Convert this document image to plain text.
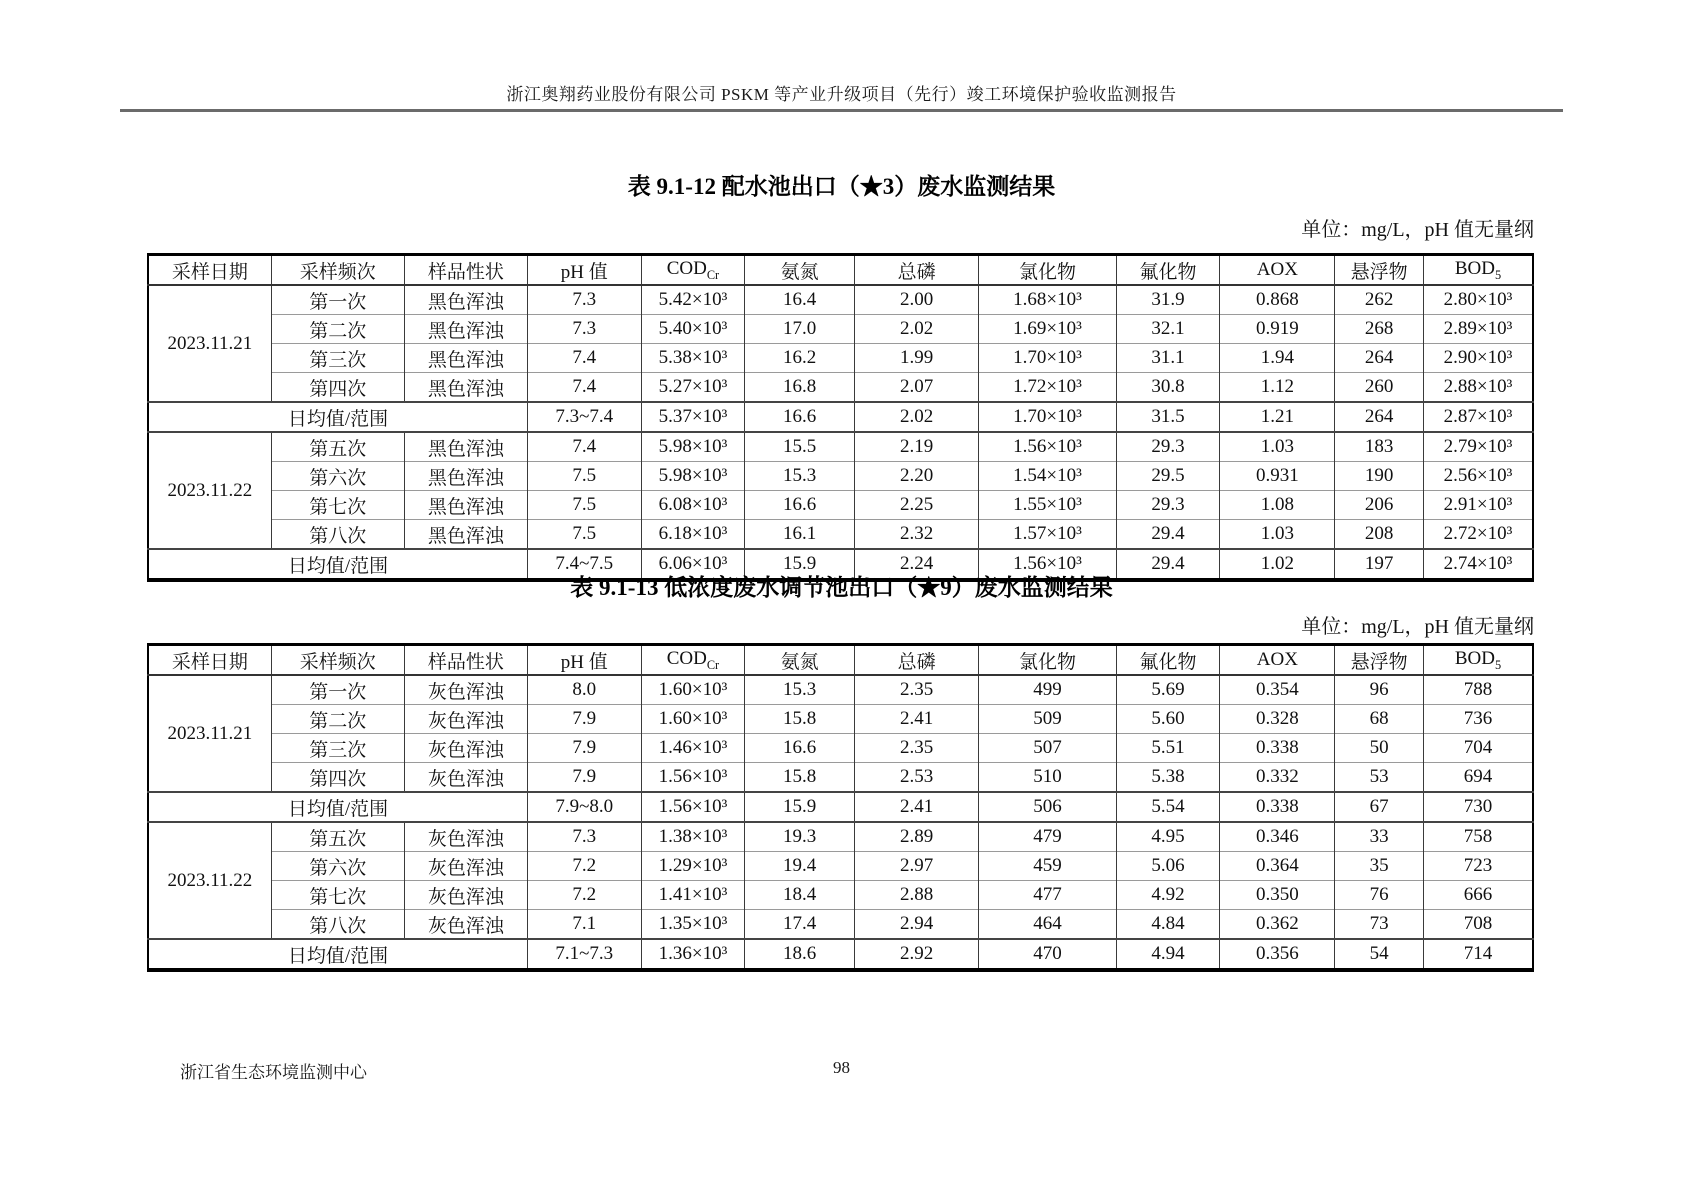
浙江奥翔药业股份有限公司 PSKM 等产业升级项目（先行）竣工环境保护验收监测报告
表 9.1-12 配水池出口（★3）废水监测结果
单位：mg/L，pH 值无量纲
采样日期	采样频次	样品性状	pH 值	$COD_{Cr}$	氨氮	总磷	氯化物	氟化物	AOX	悬浮物	$BOD_5$
2023.11.21	第一次	黑色浑浊	7.3	5.42×10³	16.4	2.00	1.68×10³	31.9	0.868	262	2.80×10³
	第二次	黑色浑浊	7.3	5.40×10³	17.0	2.02	1.69×10³	32.1	0.919	268	2.89×10³
	第三次	黑色浑浊	7.4	5.38×10³	16.2	1.99	1.70×10³	31.1	1.94	264	2.90×10³
	第四次	黑色浑浊	7.4	5.27×10³	16.8	2.07	1.72×10³	30.8	1.12	260	2.88×10³
日均值/范围			7.3~7.4	5.37×10³	16.6	2.02	1.70×10³	31.5	1.21	264	2.87×10³
2023.11.22	第五次	黑色浑浊	7.4	5.98×10³	15.5	2.19	1.56×10³	29.3	1.03	183	2.79×10³
	第六次	黑色浑浊	7.5	5.98×10³	15.3	2.20	1.54×10³	29.5	0.931	190	2.56×10³
	第七次	黑色浑浊	7.5	6.08×10³	16.6	2.25	1.55×10³	29.3	1.08	206	2.91×10³
	第八次	黑色浑浊	7.5	6.18×10³	16.1	2.32	1.57×10³	29.4	1.03	208	2.72×10³
日均值/范围			7.4~7.5	6.06×10³	15.9	2.24	1.56×10³	29.4	1.02	197	2.74×10³
表 9.1-13 低浓度废水调节池出口（★9）废水监测结果
单位：mg/L，pH 值无量纲
采样日期	采样频次	样品性状	pH 值	$COD_{Cr}$	氨氮	总磷	氯化物	氟化物	AOX	悬浮物	$BOD_5$
2023.11.21	第一次	灰色浑浊	8.0	1.60×10³	15.3	2.35	499	5.69	0.354	96	788
	第二次	灰色浑浊	7.9	1.60×10³	15.8	2.41	509	5.60	0.328	68	736
	第三次	灰色浑浊	7.9	1.46×10³	16.6	2.35	507	5.51	0.338	50	704
	第四次	灰色浑浊	7.9	1.56×10³	15.8	2.53	510	5.38	0.332	53	694
日均值/范围			7.9~8.0	1.56×10³	15.9	2.41	506	5.54	0.338	67	730
2023.11.22	第五次	灰色浑浊	7.3	1.38×10³	19.3	2.89	479	4.95	0.346	33	758
	第六次	灰色浑浊	7.2	1.29×10³	19.4	2.97	459	5.06	0.364	35	723
	第七次	灰色浑浊	7.2	1.41×10³	18.4	2.88	477	4.92	0.350	76	666
	第八次	灰色浑浊	7.1	1.35×10³	17.4	2.94	464	4.84	0.362	73	708
日均值/范围			7.1~7.3	1.36×10³	18.6	2.92	470	4.94	0.356	54	714
浙江省生态环境监测中心	98
